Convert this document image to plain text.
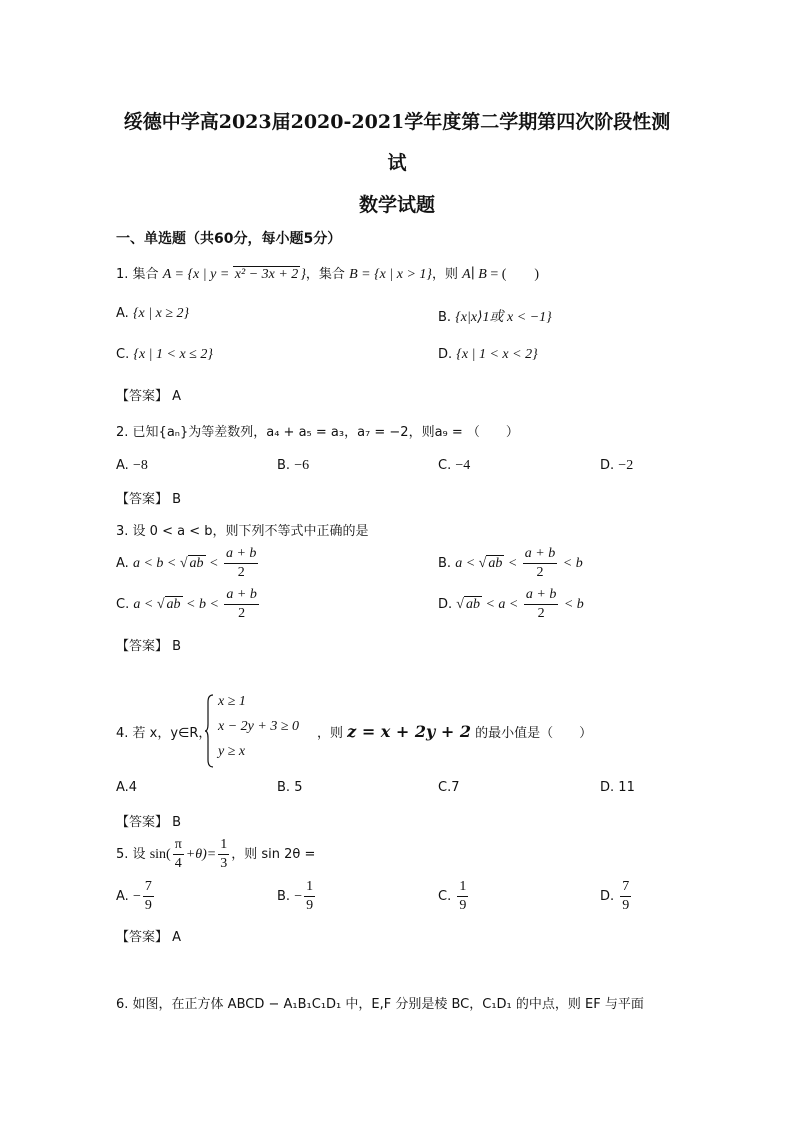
绥德中学高2023届2020-2021学年度第二学期第四次阶段性测
试
数学试题
一、单选题（共60分，每小题5分）
1. 集合 A = {x | y = x² − 3x + 2 }，集合 B = {x | x > 1}，则 A∣ B = (　　)
A. {x | x ≥ 2}	B. {x|x⟩1或 x < −1}
C. {x | 1 < x ≤ 2}	D. {x | 1 < x < 2}
【答案】 A
2. 已知{aₙ}为等差数列，a₄ + a₅ = a₃，a₇ = −2，则a₉ = （　　）
A. −8	B. −6	C. −4	D. −2
【答案】 B
3. 设 0 < a < b，则下列不等式中正确的是
A. a < b < √ ab < $\frac{a + b}{2}$	B. a < √ ab < $\frac{a + b}{2} < b$
C. a < √ ab < $b < \frac{a + b}{2}$	D. √ ab < $a < \frac{a + b}{2} < b$
【答案】 B
4. 若 x，y∈R，
x ≥ 1
x − 2y + 3 ≥ 0
y ≥ x
，则 z = x + 2y + 2 的最小值是（　　）
A.4	B. 5	C.7	D. 11
【答案】 B
5. 设 $\sin( \frac{\pi}{4} +\theta)= \frac{1}{3}$ ，则 sin 2θ =
A. − $\frac{7}{9}$	B. − $\frac{1}{9}$	C. $\frac{1}{9}$	D. $\frac{7}{9}$
【答案】 A
6. 如图，在正方体 ABCD − A₁B₁C₁D₁ 中，E,F 分别是棱 BC，C₁D₁ 的中点，则 EF 与平面
